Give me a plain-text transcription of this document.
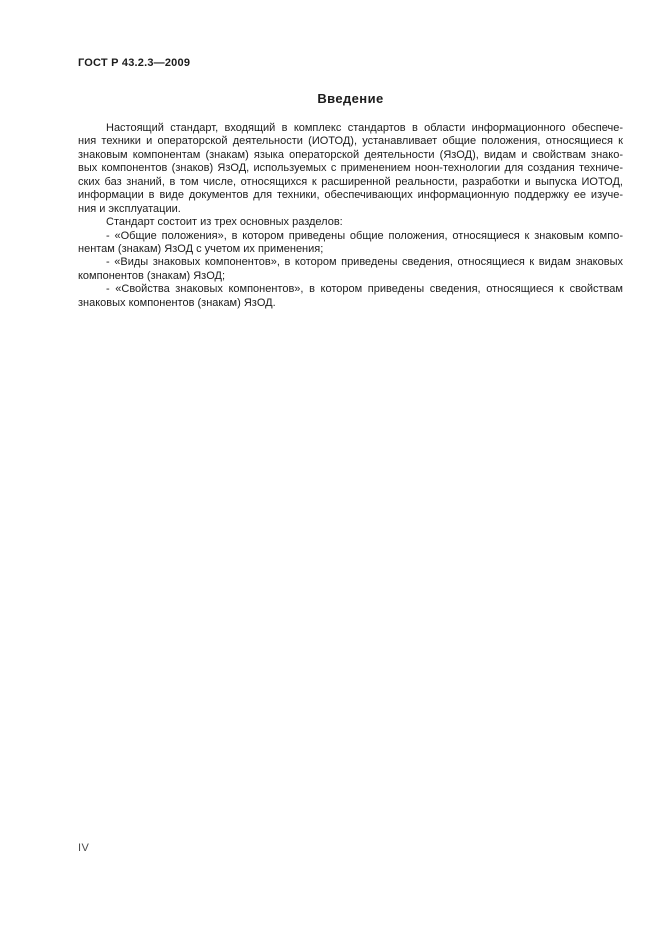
ГОСТ Р 43.2.3—2009
Введение
Настоящий стандарт, входящий в комплекс стандартов в области информационного обеспече-
ния техники и операторской деятельности (ИОТОД), устанавливает общие положения, относящиеся к
знаковым компонентам (знакам) языка операторской деятельности (ЯзОД), видам и свойствам знако-
вых компонентов (знаков) ЯзОД, используемых с применением ноон-технологии для создания техниче-
ских баз знаний, в том числе, относящихся к расширенной реальности, разработки и выпуска ИОТОД,
информации в виде документов для техники, обеспечивающих информационную поддержку ее изуче-
ния и эксплуатации.
Стандарт состоит из трех основных разделов:
- «Общие положения», в котором приведены общие положения, относящиеся к знаковым компо-
нентам (знакам) ЯзОД с учетом их применения;
- «Виды знаковых компонентов», в котором приведены сведения, относящиеся к видам знаковых
компонентов (знакам) ЯзОД;
- «Свойства знаковых компонентов», в котором приведены сведения, относящиеся к свойствам
знаковых компонентов (знакам) ЯзОД.
IV
